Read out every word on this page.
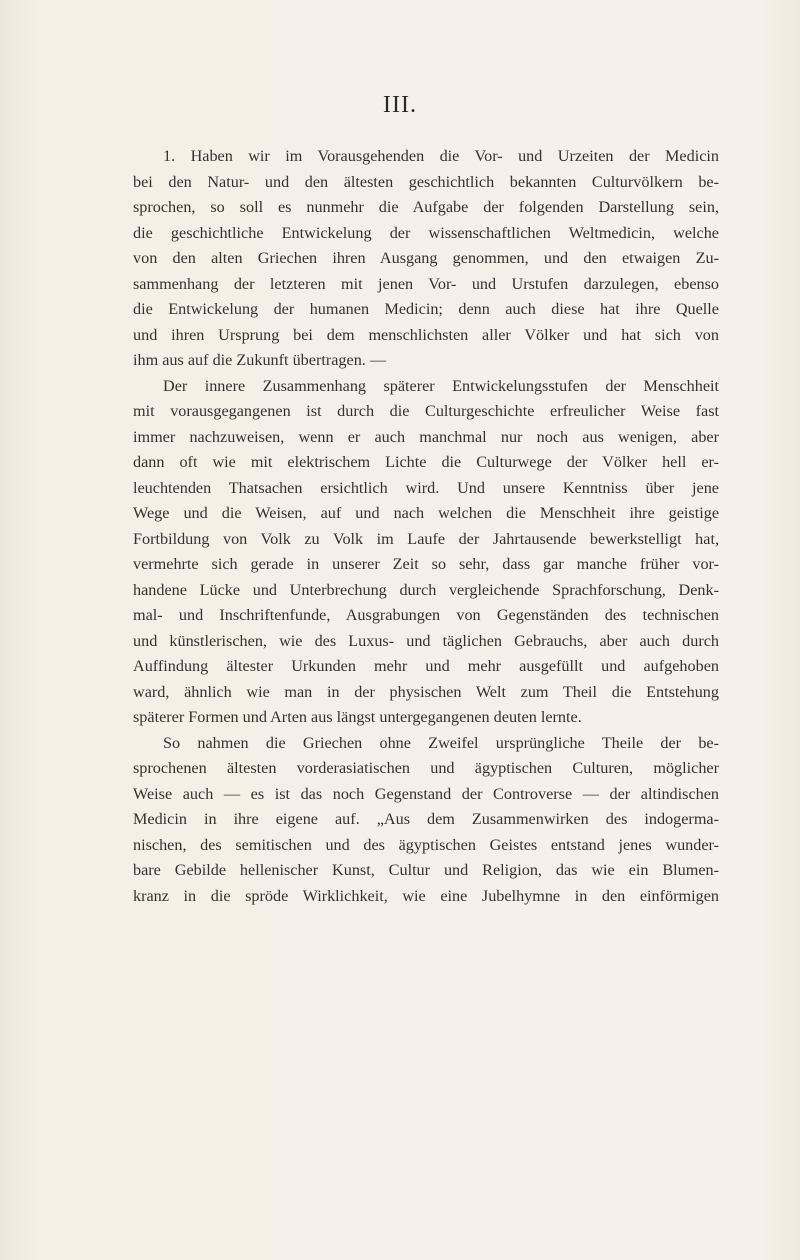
III.
1. Haben wir im Vorausgehenden die Vor- und Urzeiten der Medicin
bei den Natur- und den ältesten geschichtlich bekannten Culturvölkern be-
sprochen, so soll es nunmehr die Aufgabe der folgenden Darstellung sein,
die geschichtliche Entwickelung der wissenschaftlichen Weltmedicin, welche
von den alten Griechen ihren Ausgang genommen, und den etwaigen Zu-
sammenhang der letzteren mit jenen Vor- und Urstufen darzulegen, ebenso
die Entwickelung der humanen Medicin; denn auch diese hat ihre Quelle
und ihren Ursprung bei dem menschlichsten aller Völker und hat sich von
ihm aus auf die Zukunft übertragen. —
Der innere Zusammenhang späterer Entwickelungsstufen der Menschheit
mit vorausgegangenen ist durch die Culturgeschichte erfreulicher Weise fast
immer nachzuweisen, wenn er auch manchmal nur noch aus wenigen, aber
dann oft wie mit elektrischem Lichte die Culturwege der Völker hell er-
leuchtenden Thatsachen ersichtlich wird. Und unsere Kenntniss über jene
Wege und die Weisen, auf und nach welchen die Menschheit ihre geistige
Fortbildung von Volk zu Volk im Laufe der Jahrtausende bewerkstelligt hat,
vermehrte sich gerade in unserer Zeit so sehr, dass gar manche früher vor-
handene Lücke und Unterbrechung durch vergleichende Sprachforschung, Denk-
mal- und Inschriftenfunde, Ausgrabungen von Gegenständen des technischen
und künstlerischen, wie des Luxus- und täglichen Gebrauchs, aber auch durch
Auffindung ältester Urkunden mehr und mehr ausgefüllt und aufgehoben
ward, ähnlich wie man in der physischen Welt zum Theil die Entstehung
späterer Formen und Arten aus längst untergegangenen deuten lernte.
So nahmen die Griechen ohne Zweifel ursprüngliche Theile der be-
sprochenen ältesten vorderasiatischen und ägyptischen Culturen, möglicher
Weise auch — es ist das noch Gegenstand der Controverse — der altindischen
Medicin in ihre eigene auf. „Aus dem Zusammenwirken des indogerma-
nischen, des semitischen und des ägyptischen Geistes entstand jenes wunder-
bare Gebilde hellenischer Kunst, Cultur und Religion, das wie ein Blumen-
kranz in die spröde Wirklichkeit, wie eine Jubelhymne in den einförmigen
